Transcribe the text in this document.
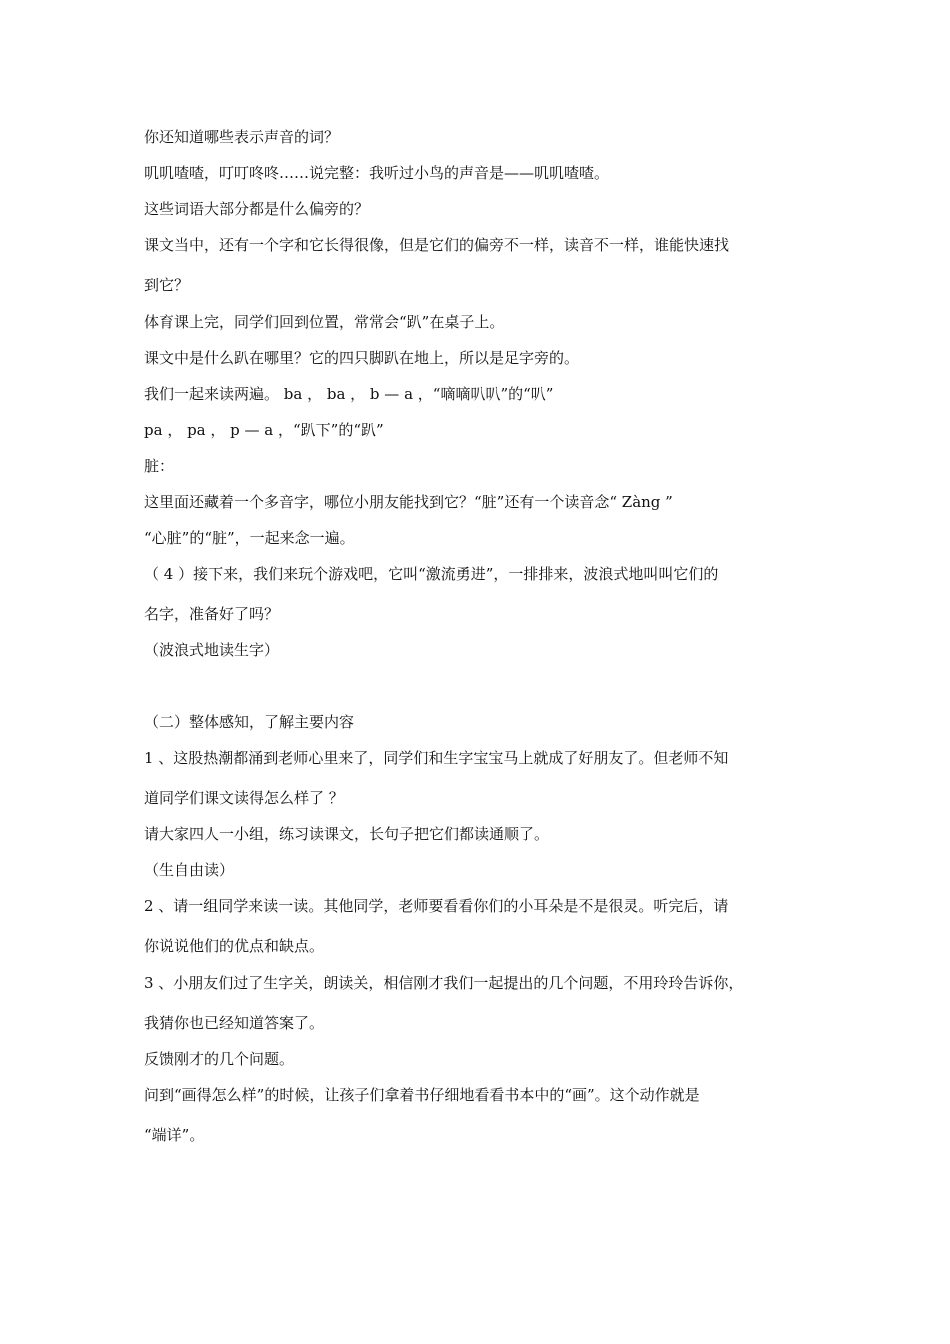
你还知道哪些表示声音的词？
叽叽喳喳，叮叮咚咚……说完整：我听过小鸟的声音是——叽叽喳喳。
这些词语大部分都是什么偏旁的？
课文当中，还有一个字和它长得很像，但是它们的偏旁不一样，读音不一样，谁能快速找
到它？
体育课上完，同学们回到位置，常常会“趴”在桌子上。
课文中是什么趴在哪里？它的四只脚趴在地上，所以是足字旁的。
我们一起来读两遍。 ba ， ba ， b — a ，“嘀嘀叭叭”的“叭”
pa ， pa ， p — a ，“趴下”的“趴”
脏：
这里面还藏着一个多音字，哪位小朋友能找到它？“脏”还有一个读音念“ Zàng ”
“心脏”的“脏”，一起来念一遍。
（ 4 ）接下来，我们来玩个游戏吧，它叫“激流勇进”，一排排来，波浪式地叫叫它们的
名字，准备好了吗？
（波浪式地读生字）
（二）整体感知，了解主要内容
1 、这股热潮都涌到老师心里来了，同学们和生字宝宝马上就成了好朋友了。但老师不知
道同学们课文读得怎么样了 ？
请大家四人一小组，练习读课文，长句子把它们都读通顺了。
（生自由读）
2 、请一组同学来读一读。其他同学，老师要看看你们的小耳朵是不是很灵。听完后，请
你说说他们的优点和缺点。
3 、小朋友们过了生字关，朗读关，相信刚才我们一起提出的几个问题，不用玲玲告诉你，
我猜你也已经知道答案了。
反馈刚才的几个问题。
问到“画得怎么样”的时候，让孩子们拿着书仔细地看看书本中的“画”。这个动作就是
“端详”。
